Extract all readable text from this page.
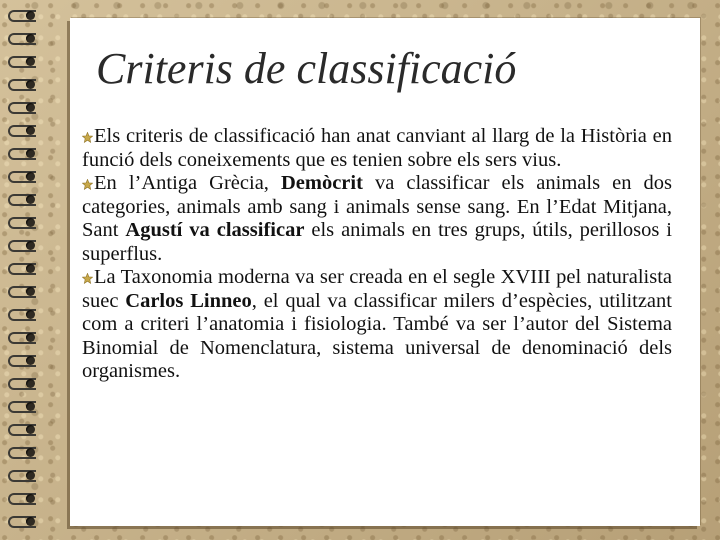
Criteris de classificació

Els criteris de classificació han anat canviant al llarg de la Història en funció dels coneixements que es tenien sobre els sers vius.

En l’Antiga Grècia, Demòcrit va classificar els animals en dos categories, animals amb sang i animals sense sang. En l’Edat Mitjana, Sant Agustí va classificar els animals en tres grups, útils, perillosos i superflus.

La Taxonomia moderna va ser creada en el segle XVIII pel naturalista suec Carlos Linneo, el qual va classificar milers d’espècies, utilitzant com a criteri l’anatomia i fisiologia. També va ser l’autor del Sistema Binomial de Nomenclatura, sistema universal de denominació dels organismes.
